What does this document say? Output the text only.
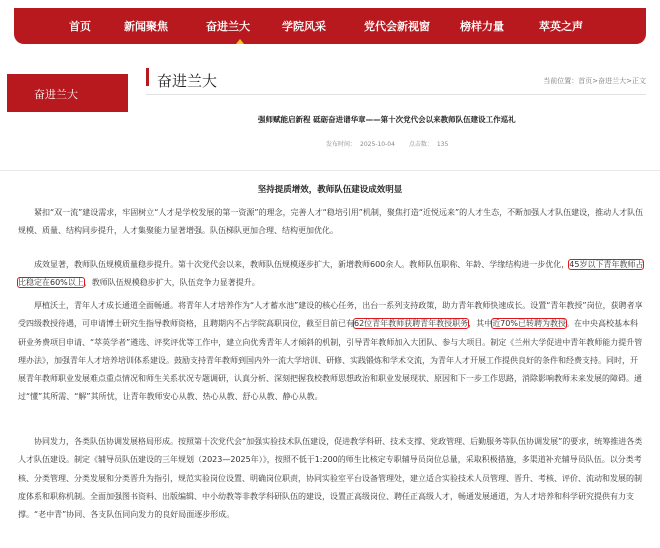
首页	新闻聚焦	奋进兰大	学院风采	党代会新视窗	榜样力量	萃英之声
奋进兰大
奋进兰大	当前位置：首页>奋进兰大>正文
强师赋能启新程 砥砺奋进谱华章——第十次党代会以来教师队伍建设工作巡礼
发布时间： 2025-10-04 点击数： 135
坚持提质增效，教师队伍建设成效明显

　　紧扣“双一流”建设需求，牢固树立“人才是学校发展的第一资源”的理念，完善人才“稳培引用”机制，聚焦打造“近悦远来”的人才生态，不断加强人才队伍建设，推动人才队伍规模、质量、结构同步提升，人才集聚能力显著增强。队伍梯队更加合理、结构更加优化。

　　成效显著，教师队伍规模质量稳步提升。第十次党代会以来，教师队伍规模逐步扩大，新增教师600余人。教师队伍职称、年龄、学缘结构进一步优化，45岁以下青年教师占比稳定在60%以上，教师队伍规模稳步扩大，队伍竞争力显著提升。

　　厚植沃土，青年人才成长通道全面畅通。将青年人才培养作为“人才蓄水池”建设的核心任务，出台一系列支持政策，助力青年教师快速成长。设置“青年教授”岗位，获聘者享受四级教授待遇，可申请博士研究生指导教师资格，且聘期内不占学院高职岗位，截至目前已有62位青年教师获聘青年教授职务，其中近70%已转聘为教授。在中央高校基本科研业务费项目申请、“萃英学者”遴选、评奖评优等工作中，建立向优秀青年人才倾斜的机制，引导青年教师加入大团队、参与大项目。制定《兰州大学促进中青年教师能力提升管理办法》，加强青年人才培养培训体系建设。鼓励支持青年教师到国内外一流大学培训、研修、实践锻炼和学术交流，为青年人才开展工作提供良好的条件和经费支持。同时，开展青年教师职业发展难点重点情况和师生关系状况专题调研，认真分析、深刻把握我校教师思想政治和职业发展现状、原因和下一步工作思路，消除影响教师未来发展的障碍。通过“懂”其所需、“解”其所忧，让青年教师安心从教、热心从教、舒心从教、静心从教。

　　协同发力，各类队伍协调发展格局形成。按照第十次党代会“加强实验技术队伍建设，促进教学科研、技术支撑、党政管理、后勤服务等队伍协调发展”的要求，统筹推进各类人才队伍建设。制定《辅导员队伍建设的三年规划（2023—2025年）》，按照不低于1:200的师生比核定专职辅导员岗位总量，采取积极措施，多渠道补充辅导员队伍。以分类考核、分类管理、分类发展和分类晋升为指引，规范实验岗位设置、明确岗位职责，协同实验室平台设备管理处，建立适合实验技术人员管理、晋升、考核、评价、流动和发展的制度体系和职称机制。全面加强图书资料、出版编辑、中小幼教等非教学科研队伍的建设，设置正高级岗位、聘任正高级人才，畅通发展通道，为人才培养和科学研究提供有力支撑。“老中青”协同、各支队伍同向发力的良好局面逐步形成。
